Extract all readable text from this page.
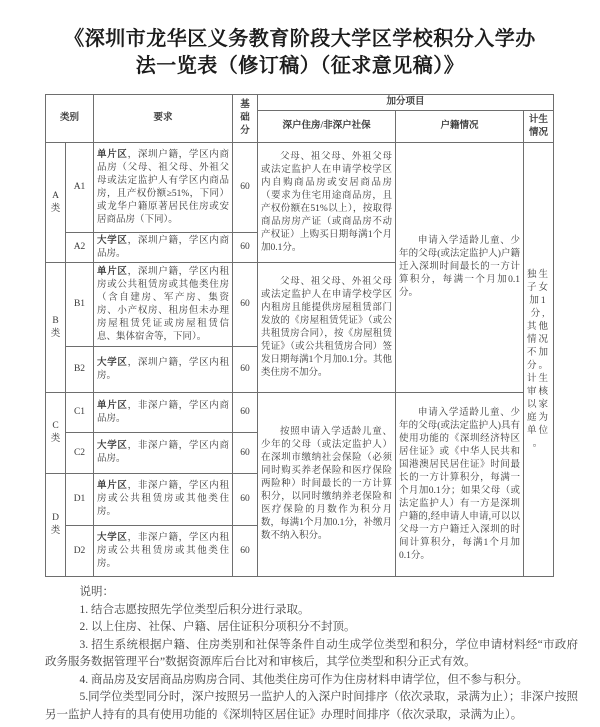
《深圳市龙华区义务教育阶段大学区学校积分入学办
法一览表（修订稿）（征求意见稿）》
类别		要求	基础分	加分项目		
				深户住房/非深户社保	户籍情况	计生情况
A类	A1	单片区，深圳户籍，学区内商品房（父母、祖父母、外祖父母或法定监护人有学区内商品房，且产权份额≥51%，下同）或龙华户籍原著居民住房或安居商品房（下同）。	60	父母、祖父母、外祖父母或法定监护人在申请学校学区内自购商品房或安居商品房（要求为住宅用途商品房，且产权份额在51%以上），按取得商品房房产证（或商品房不动产权证）上购买日期每满1个月加0.1分。	申请入学适龄儿童、少年的父母(或法定监护人)户籍迁入深圳时间最长的一方计算积分，每满一个月加0.1分。	独生子女加1分,其他情况不加分。计生审核以家庭为单位。
	A2	大学区，深圳户籍，学区内商品房。	60			
B类	B1	单片区，深圳户籍，学区内租房或公共租赁房或其他类住房（含自建房、军产房、集资房、小产权房、租房但未办理房屋租赁凭证或房屋租赁信息、集体宿舍等，下同）。	60	父母、祖父母、外祖父母或法定监护人在申请学校学区内租房且能提供房屋租赁部门发放的《房屋租赁凭证》（或公共租赁房合同），按《房屋租赁凭证》（或公共租赁房合同）签发日期每满1个月加0.1分。其他类住房不加分。		
	B2	大学区，深圳户籍，学区内租房。	60			
C类	C1	单片区，非深户籍，学区内商品房。	60	按照申请入学适龄儿童、少年的父母（或法定监护人）在深圳市缴纳社会保险（必须同时购买养老保险和医疗保险两险种）时间最长的一方计算积分，以同时缴纳养老保险和医疗保险的月数作为积分月数，每满1个月加0.1分，补缴月数不纳入积分。	申请入学适龄儿童、少年的父母(或法定监护人)具有使用功能的《深圳经济特区居住证》或《中华人民共和国港澳居民居住证》时间最长的一方计算积分，每满一个月加0.1分；如果父母（或法定监护人）有一方是深圳户籍的,经申请人申请,可以以父母一方户籍迁入深圳的时间计算积分，每满1个月加0.1分。	
	C2	大学区，非深户籍，学区内商品房。	60			
D类	D1	单片区，非深户籍，学区内租房或公共租赁房或其他类住房。	60			
	D2	大学区，非深户籍，学区内租房或公共租赁房或其他类住房。	60			

说明：

1. 结合志愿按照先学位类型后积分进行录取。

2. 以上住房、社保、户籍、居住证积分项积分不封顶。

3. 招生系统根据户籍、住房类别和社保等条件自动生成学位类型和积分，学位申请材料经“市政府政务服务数据管理平台”数据资源库后台比对和审核后，其学位类型和积分正式有效。

4. 商品房及安居商品房购房合同、其他类住房可作为住房材料申请学位，但不参与积分。

5.同学位类型同分时，深户按照另一监护人的入深户时间排序（依次录取，录满为止）；非深户按照另一监护人持有的具有使用功能的《深圳特区居住证》办理时间排序（依次录取，录满为止）。
